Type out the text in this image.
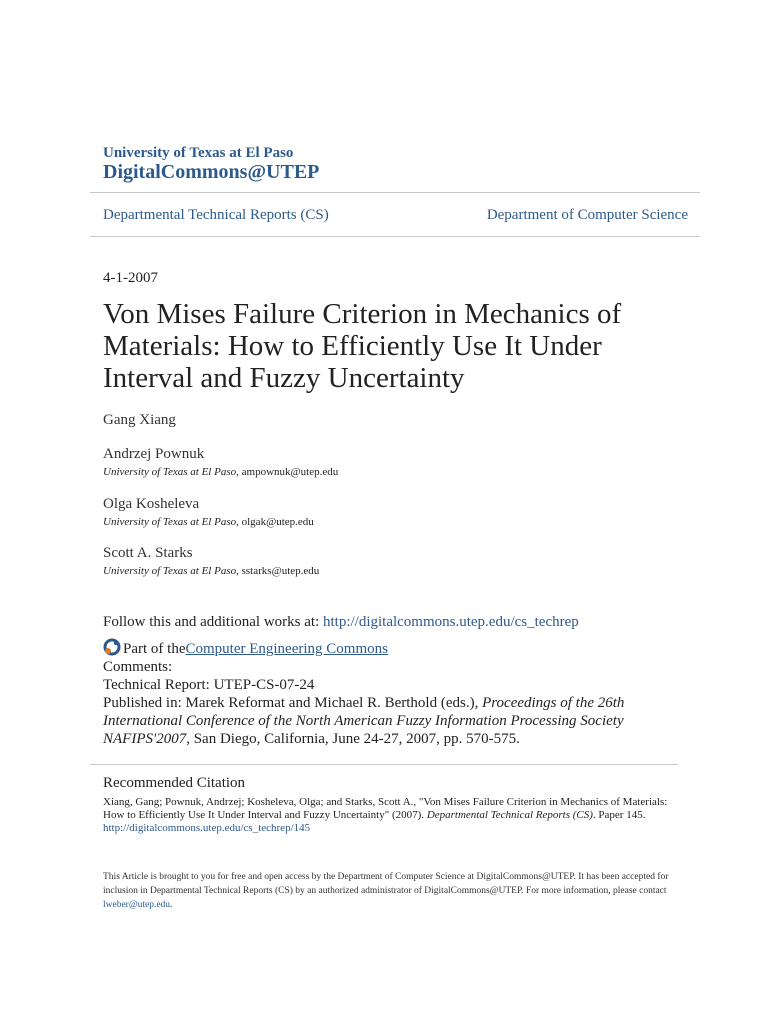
University of Texas at El Paso
DigitalCommons@UTEP
Departmental Technical Reports (CS)	Department of Computer Science
4-1-2007
Von Mises Failure Criterion in Mechanics of Materials: How to Efficiently Use It Under Interval and Fuzzy Uncertainty
Gang Xiang
Andrzej Pownuk
University of Texas at El Paso, ampownuk@utep.edu
Olga Kosheleva
University of Texas at El Paso, olgak@utep.edu
Scott A. Starks
University of Texas at El Paso, sstarks@utep.edu
Follow this and additional works at: http://digitalcommons.utep.edu/cs_techrep
Part of the Computer Engineering Commons
Comments:
Technical Report: UTEP-CS-07-24
Published in: Marek Reformat and Michael R. Berthold (eds.), Proceedings of the 26th International Conference of the North American Fuzzy Information Processing Society NAFIPS'2007, San Diego, California, June 24-27, 2007, pp. 570-575.
Recommended Citation
Xiang, Gang; Pownuk, Andrzej; Kosheleva, Olga; and Starks, Scott A., "Von Mises Failure Criterion in Mechanics of Materials: How to Efficiently Use It Under Interval and Fuzzy Uncertainty" (2007). Departmental Technical Reports (CS). Paper 145.
http://digitalcommons.utep.edu/cs_techrep/145
This Article is brought to you for free and open access by the Department of Computer Science at DigitalCommons@UTEP. It has been accepted for inclusion in Departmental Technical Reports (CS) by an authorized administrator of DigitalCommons@UTEP. For more information, please contact lweber@utep.edu.
